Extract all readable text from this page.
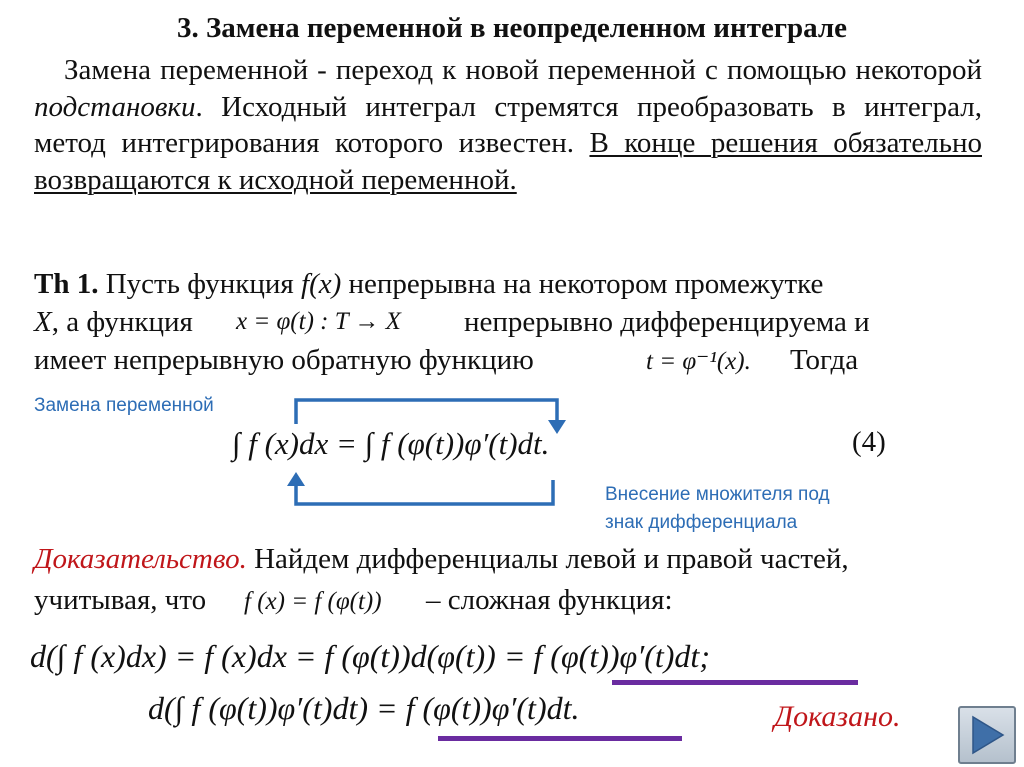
3. Замена переменной в неопределенном интеграле
Замена переменной - переход к новой переменной с помощью некоторой подстановки. Исходный интеграл стремятся преобразовать в интеграл, метод интегрирования которого известен. В конце решения обязательно возвращаются к исходной переменной.
Th 1. Пусть функция f(x) непрерывна на некотором промежутке
X, а функция x = φ(t) : T → X непрерывно дифференцируема и
имеет непрерывную обратную функцию	t = φ⁻¹(x). Тогда
Замена переменной
∫ f (x)dx = ∫ f (φ(t))φ′(t)dt.	(4)
Внесение множителя под
знак дифференциала
Доказательство. Найдем дифференциалы левой и правой частей,
учитывая, что f (x) = f (φ(t)) – сложная функция:
d(∫ f (x)dx) = f (x)dx = f (φ(t))d(φ(t)) = f (φ(t))φ′(t)dt;
d(∫ f (φ(t))φ′(t)dt) = f (φ(t))φ′(t)dt.	Доказано.
